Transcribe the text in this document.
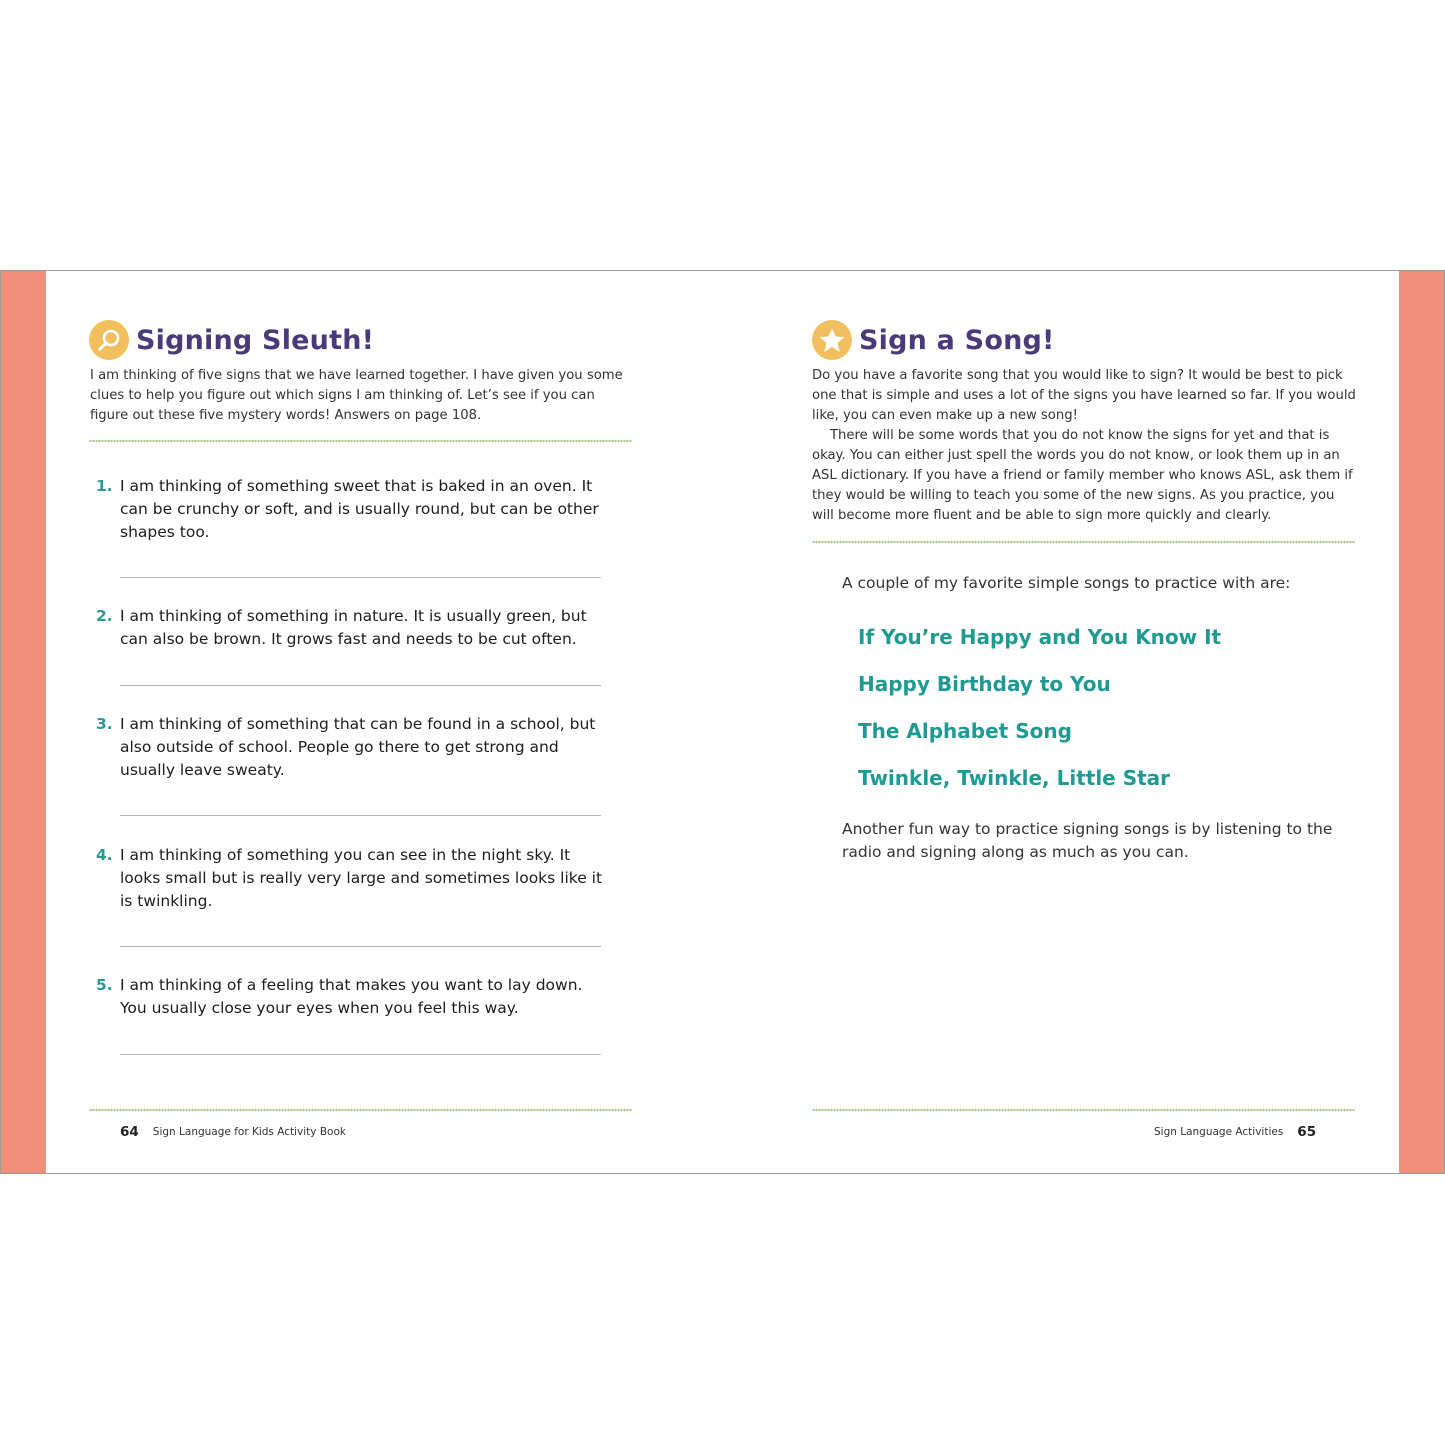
Signing Sleuth!

I am thinking of five signs that we have learned together. I have given you some clues to help you figure out which signs I am thinking of. Let’s see if you can figure out these five mystery words! Answers on page 108.

1. I am thinking of something sweet that is baked in an oven. It can be crunchy or soft, and is usually round, but can be other shapes too.
2. I am thinking of something in nature. It is usually green, but can also be brown. It grows fast and needs to be cut often.
3. I am thinking of something that can be found in a school, but also outside of school. People go there to get strong and usually leave sweaty.
4. I am thinking of something you can see in the night sky. It looks small but is really very large and sometimes looks like it is twinkling.
5. I am thinking of a feeling that makes you want to lay down. You usually close your eyes when you feel this way.
64 Sign Language for Kids Activity Book
Sign a Song!

Do you have a favorite song that you would like to sign? It would be best to pick one that is simple and uses a lot of the signs you have learned so far. If you would like, you can even make up a new song!

There will be some words that you do not know the signs for yet and that is okay. You can either just spell the words you do not know, or look them up in an ASL dictionary. If you have a friend or family member who knows ASL, ask them if they would be willing to teach you some of the new signs. As you practice, you will become more fluent and be able to sign more quickly and clearly.

A couple of my favorite simple songs to practice with are:

If You’re Happy and You Know It

Happy Birthday to You

The Alphabet Song

Twinkle, Twinkle, Little Star

Another fun way to practice signing songs is by listening to the radio and signing along as much as you can.

Sign Language Activities 65
